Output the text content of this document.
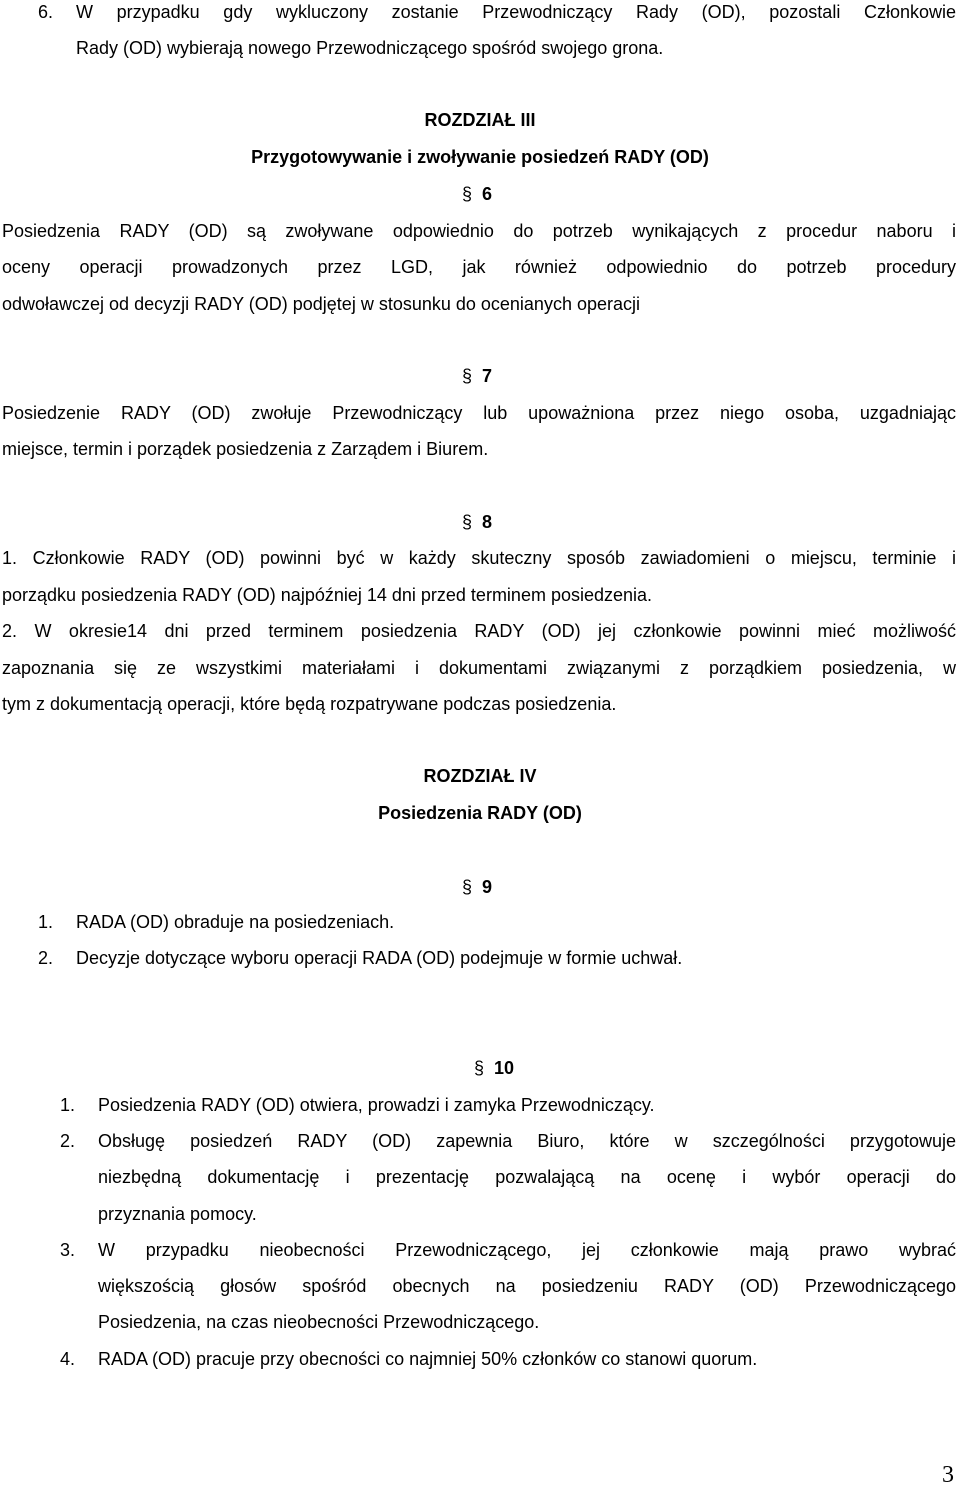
6. W przypadku gdy wykluczony zostanie Przewodniczący Rady (OD), pozostali Członkowie
Rady (OD) wybierają nowego Przewodniczącego spośród swojego grona.
ROZDZIAŁ III
Przygotowywanie i zwoływanie posiedzeń RADY (OD)
§ 6
Posiedzenia RADY (OD) są zwoływane odpowiednio do potrzeb wynikających z procedur naboru i
oceny operacji prowadzonych przez LGD, jak również odpowiednio do potrzeb procedury
odwoławczej od decyzji RADY (OD) podjętej w stosunku do ocenianych operacji
§ 7
Posiedzenie RADY (OD) zwołuje Przewodniczący lub upoważniona przez niego osoba, uzgadniając
miejsce, termin i porządek posiedzenia z Zarządem i Biurem.
§ 8
1. Członkowie RADY (OD) powinni być w każdy skuteczny sposób zawiadomieni o miejscu, terminie i
porządku posiedzenia RADY (OD) najpóźniej 14 dni przed terminem posiedzenia.
2. W okresie14 dni przed terminem posiedzenia RADY (OD) jej członkowie powinni mieć możliwość
zapoznania się ze wszystkimi materiałami i dokumentami związanymi z porządkiem posiedzenia, w
tym z dokumentacją operacji, które będą rozpatrywane podczas posiedzenia.
ROZDZIAŁ IV
Posiedzenia RADY (OD)
§ 9
1. RADA (OD) obraduje na posiedzeniach.
2. Decyzje dotyczące wyboru operacji RADA (OD) podejmuje w formie uchwał.
§ 10
1. Posiedzenia RADY (OD) otwiera, prowadzi i zamyka Przewodniczący.
2. Obsługę posiedzeń RADY (OD) zapewnia Biuro, które w szczególności przygotowuje
niezbędną dokumentację i prezentację pozwalającą na ocenę i wybór operacji do
przyznania pomocy.
3. W przypadku nieobecności Przewodniczącego, jej członkowie mają prawo wybrać
większością głosów spośród obecnych na posiedzeniu RADY (OD) Przewodniczącego
Posiedzenia, na czas nieobecności Przewodniczącego.
4. RADA (OD) pracuje przy obecności co najmniej 50% członków co stanowi quorum.
3
